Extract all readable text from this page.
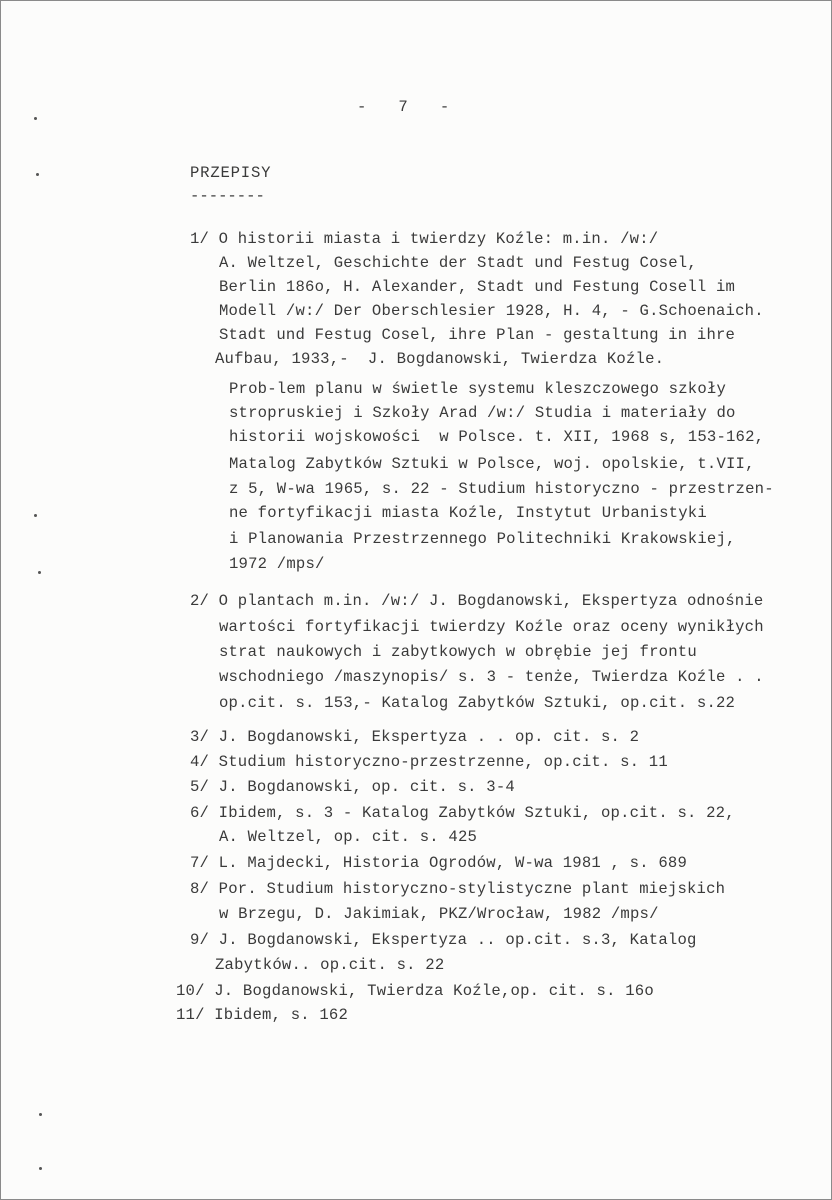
-   7   -
PRZEPISY
--------
1/ O historii miasta i twierdzy Koźle: m.in. /w:/
A. Weltzel, Geschichte der Stadt und Festug Cosel,
Berlin 186o, H. Alexander, Stadt und Festung Cosell im
Modell /w:/ Der Oberschlesier 1928, H. 4, - G.Schoenaich.
Stadt und Festug Cosel, ihre Plan - gestaltung in ihre
Aufbau, 1933,-  J. Bogdanowski, Twierdza Koźle.
Prob-lem planu w świetle systemu kleszczowego szkoły
stropruskiej i Szkoły Arad /w:/ Studia i materiały do
historii wojskowości  w Polsce. t. XII, 1968 s, 153-162,
Matalog Zabytków Sztuki w Polsce, woj. opolskie, t.VII,
z 5, W-wa 1965, s. 22 - Studium historyczno - przestrzen-
ne fortyfikacji miasta Koźle, Instytut Urbanistyki
i Planowania Przestrzennego Politechniki Krakowskiej,
1972 /mps/
2/ O plantach m.in. /w:/ J. Bogdanowski, Ekspertyza odnośnie
wartości fortyfikacji twierdzy Koźle oraz oceny wynikłych
strat naukowych i zabytkowych w obrębie jej frontu
wschodniego /maszynopis/ s. 3 - tenże, Twierdza Koźle . .
op.cit. s. 153,- Katalog Zabytków Sztuki, op.cit. s.22
3/ J. Bogdanowski, Ekspertyza . . op. cit. s. 2
4/ Studium historyczno-przestrzenne, op.cit. s. 11
5/ J. Bogdanowski, op. cit. s. 3-4
6/ Ibidem, s. 3 - Katalog Zabytków Sztuki, op.cit. s. 22,
A. Weltzel, op. cit. s. 425
7/ L. Majdecki, Historia Ogrodów, W-wa 1981 , s. 689
8/ Por. Studium historyczno-stylistyczne plant miejskich
w Brzegu, D. Jakimiak, PKZ/Wrocław, 1982 /mps/
9/ J. Bogdanowski, Ekspertyza .. op.cit. s.3, Katalog
Zabytków.. op.cit. s. 22
10/ J. Bogdanowski, Twierdza Koźle,op. cit. s. 16o
11/ Ibidem, s. 162
